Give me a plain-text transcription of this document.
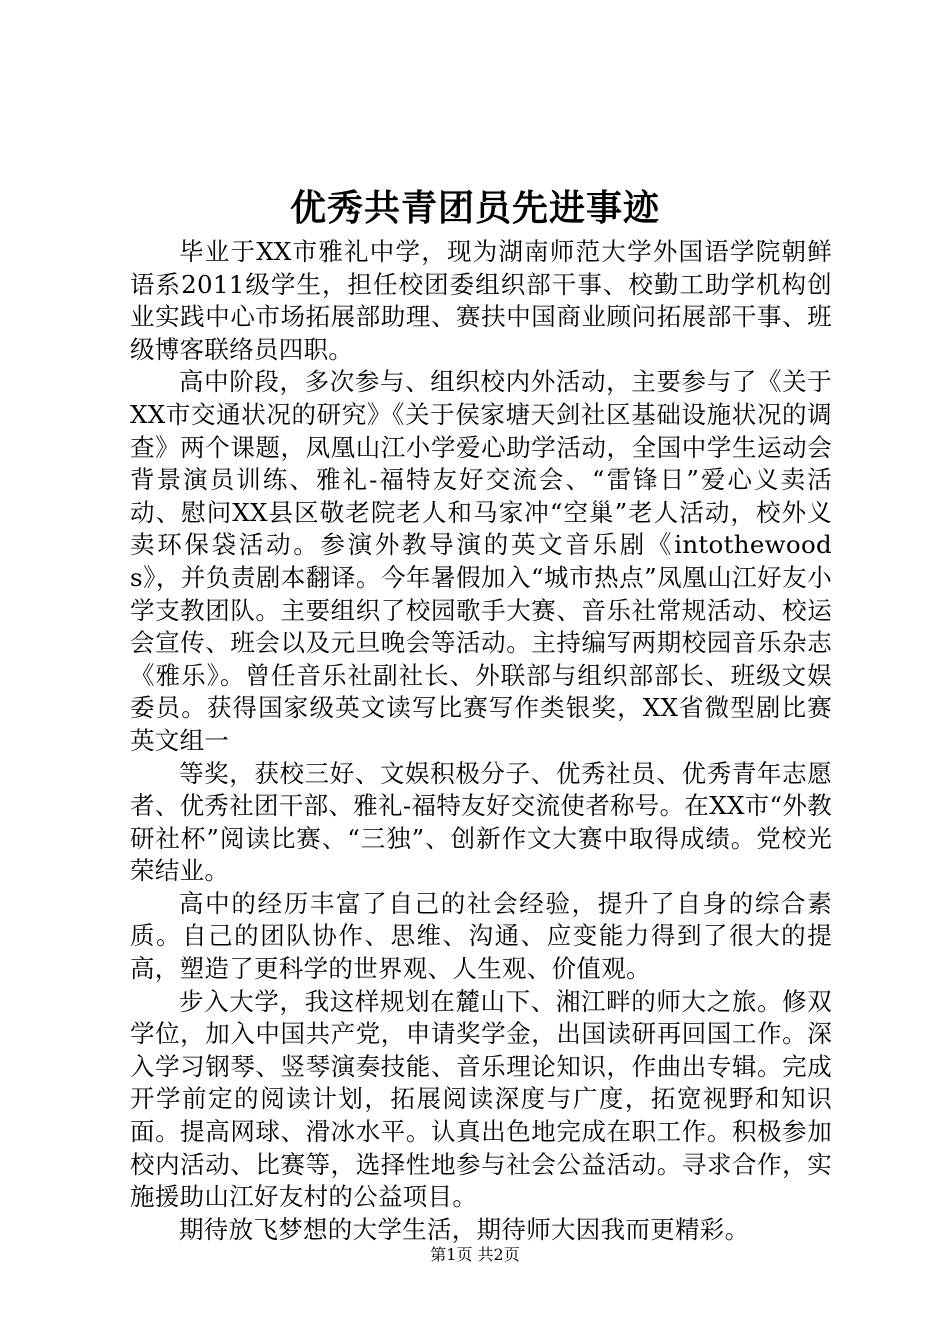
优秀共青团员先进事迹

毕业于XX市雅礼中学，现为湖南师范大学外国语学院朝鲜语系2011级学生，担任校团委组织部干事、校勤工助学机构创业实践中心市场拓展部助理、赛扶中国商业顾问拓展部干事、班级博客联络员四职。

高中阶段，多次参与、组织校内外活动，主要参与了《关于XX市交通状况的研究》《关于侯家塘天剑社区基础设施状况的调查》两个课题，凤凰山江小学爱心助学活动，全国中学生运动会背景演员训练、雅礼-福特友好交流会、“雷锋日”爱心义卖活动、慰问XX县区敬老院老人和马家冲“空巢”老人活动，校外义卖环保袋活动。参演外教导演的英文音乐剧《intothewoods》，并负责剧本翻译。今年暑假加入“城市热点”凤凰山江好友小学支教团队。主要组织了校园歌手大赛、音乐社常规活动、校运会宣传、班会以及元旦晚会等活动。主持编写两期校园音乐杂志《雅乐》。曾任音乐社副社长、外联部与组织部部长、班级文娱委员。获得国家级英文读写比赛写作类银奖，XX省微型剧比赛英文组一

等奖，获校三好、文娱积极分子、优秀社员、优秀青年志愿者、优秀社团干部、雅礼-福特友好交流使者称号。在XX市“外教研社杯”阅读比赛、“三独”、创新作文大赛中取得成绩。党校光荣结业。

高中的经历丰富了自己的社会经验，提升了自身的综合素质。自己的团队协作、思维、沟通、应变能力得到了很大的提高，塑造了更科学的世界观、人生观、价值观。

步入大学，我这样规划在麓山下、湘江畔的师大之旅。修双学位，加入中国共产党，申请奖学金，出国读研再回国工作。深入学习钢琴、竖琴演奏技能、音乐理论知识，作曲出专辑。完成开学前定的阅读计划，拓展阅读深度与广度，拓宽视野和知识面。提高网球、滑冰水平。认真出色地完成在职工作。积极参加校内活动、比赛等，选择性地参与社会公益活动。寻求合作，实施援助山江好友村的公益项目。

期待放飞梦想的大学生活，期待师大因我而更精彩。

第1页 共2页
